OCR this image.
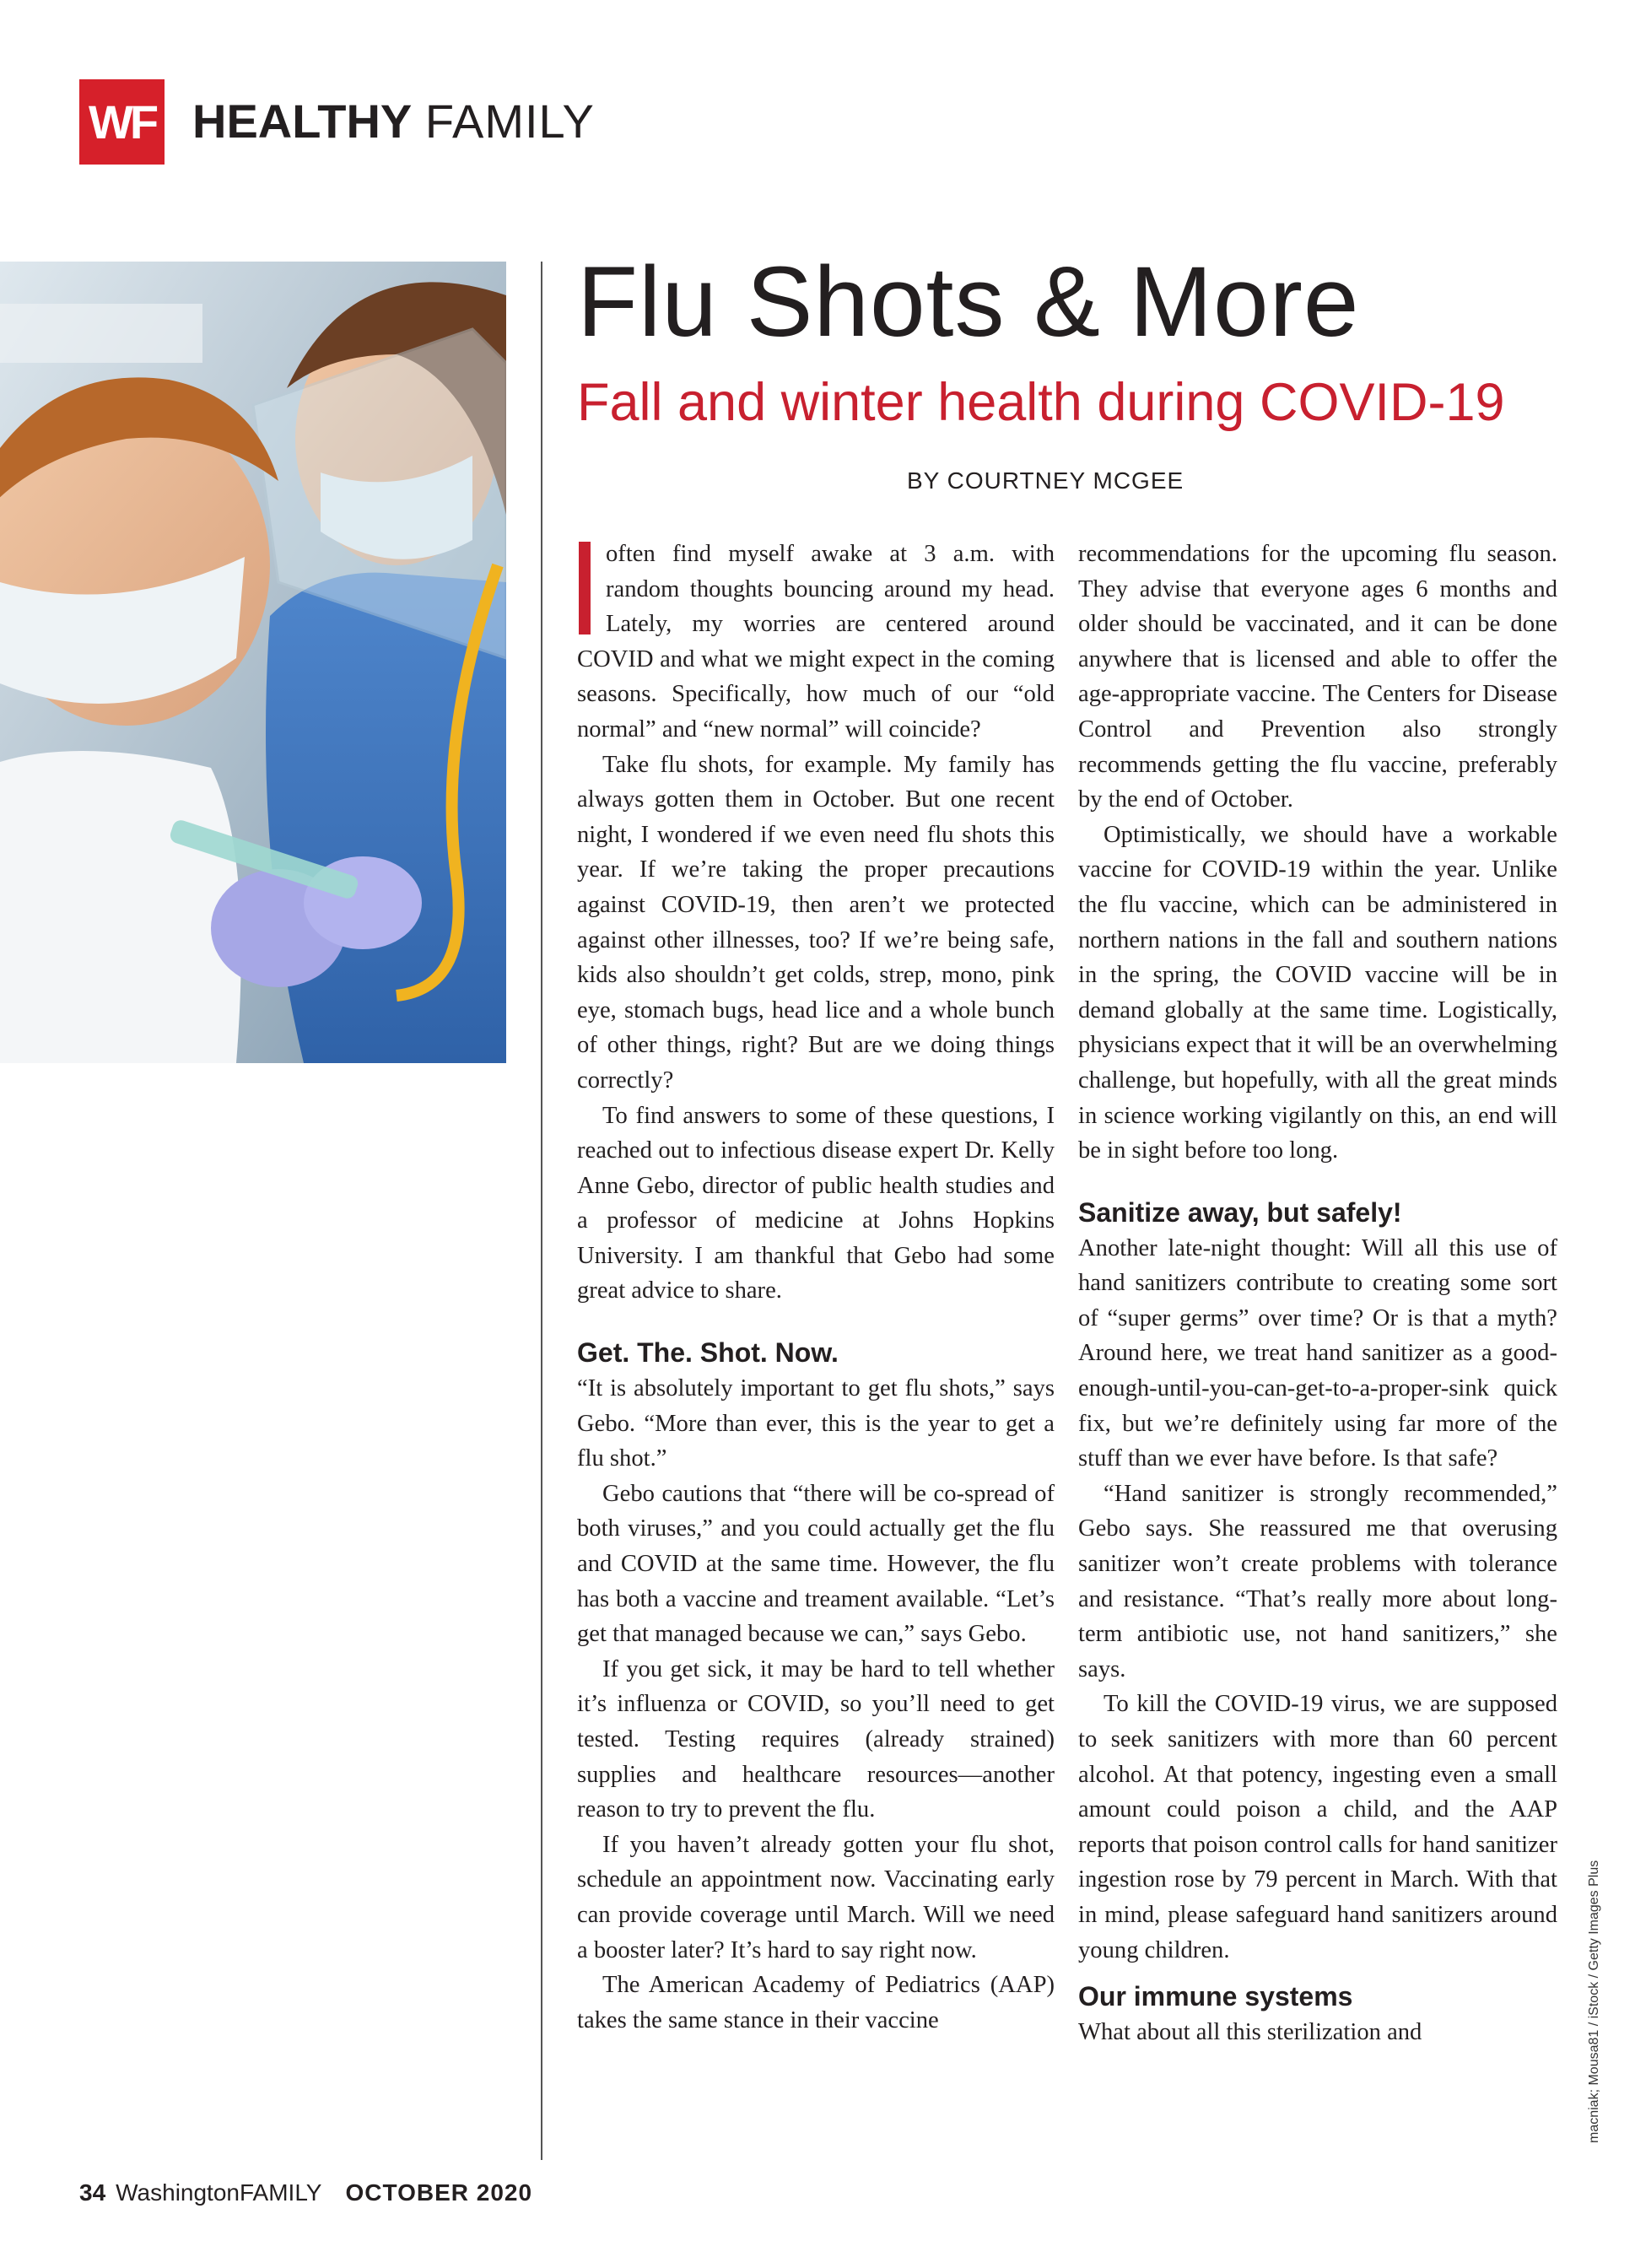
WF HEALTHY FAMILY
Flu Shots & More
Fall and winter health during COVID-19
BY COURTNEY MCGEE

often find myself awake at 3 a.m. with random thoughts bouncing around my head. Lately, my worries are centered around COVID and what we might expect in the coming seasons. Specifically, how much of our “old normal” and “new normal” will coincide?

Take flu shots, for example. My family has always gotten them in October. But one recent night, I wondered if we even need flu shots this year. If we’re taking the proper precautions against COVID-19, then aren’t we protected against other illnesses, too? If we’re being safe, kids also shouldn’t get colds, strep, mono, pink eye, stomach bugs, head lice and a whole bunch of other things, right? But are we doing things correctly?

To find answers to some of these questions, I reached out to infectious disease expert Dr. Kelly Anne Gebo, director of public health studies and a professor of medicine at Johns Hopkins University. I am thankful that Gebo had some great advice to share.

Get. The. Shot. Now.

“It is absolutely important to get flu shots,” says Gebo. “More than ever, this is the year to get a flu shot.”

Gebo cautions that “there will be co-spread of both viruses,” and you could actually get the flu and COVID at the same time. However, the flu has both a vaccine and treament available. “Let’s get that managed because we can,” says Gebo.

If you get sick, it may be hard to tell whether it’s influenza or COVID, so you’ll need to get tested. Testing requires (already strained) supplies and healthcare resources—another reason to try to prevent the flu.

If you haven’t already gotten your flu shot, schedule an appointment now. Vaccinating early can provide coverage until March. Will we need a booster later? It’s hard to say right now.

The American Academy of Pediatrics (AAP) takes the same stance in their vaccine

recommendations for the upcoming flu season. They advise that everyone ages 6 months and older should be vaccinated, and it can be done anywhere that is licensed and able to offer the age-appropriate vaccine. The Centers for Disease Control and Prevention also strongly recommends getting the flu vaccine, preferably by the end of October.

Optimistically, we should have a workable vaccine for COVID-19 within the year. Unlike the flu vaccine, which can be administered in northern nations in the fall and southern nations in the spring, the COVID vaccine will be in demand globally at the same time. Logistically, physicians expect that it will be an overwhelming challenge, but hopefully, with all the great minds in science working vigilantly on this, an end will be in sight before too long.

Sanitize away, but safely!

Another late-night thought: Will all this use of hand sanitizers contribute to creating some sort of “super germs” over time? Or is that a myth? Around here, we treat hand sanitizer as a good-enough-until-you-can-get-to-a-proper-sink quick fix, but we’re definitely using far more of the stuff than we ever have before. Is that safe?

“Hand sanitizer is strongly recommended,” Gebo says. She reassured me that overusing sanitizer won’t create problems with tolerance and resistance. “That’s really more about long-term antibiotic use, not hand sanitizers,” she says.

To kill the COVID-19 virus, we are supposed to seek sanitizers with more than 60 percent alcohol. At that potency, ingesting even a small amount could poison a child, and the AAP reports that poison control calls for hand sanitizer ingestion rose by 79 percent in March. With that in mind, please safeguard hand sanitizers around young children.

Our immune systems

What about all this sterilization and

34 WashingtonFAMILY OCTOBER 2020
macniak; Mousa81 / iStock / Getty Images Plus
